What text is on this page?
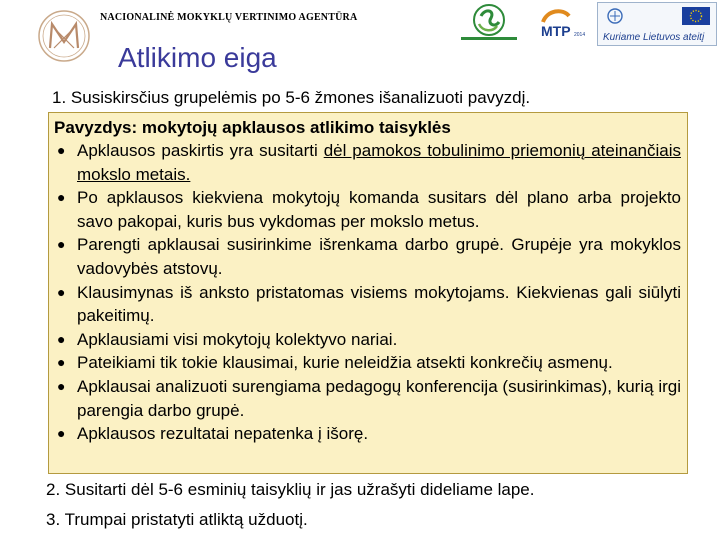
NACIONALINĖ MOKYKLŲ VERTINIMO AGENTŪRA
MTP 2014 Kuriame Lietuvos ateitį
Atlikimo eiga
1. Susiskirsčius grupelėmis po 5-6 žmones išanalizuoti pavyzdį.
Pavyzdys: mokytojų apklausos atlikimo taisyklės
● Apklausos paskirtis yra susitarti dėl pamokos tobulinimo priemonių ateinančiais mokslo metais.
● Po apklausos kiekviena mokytojų komanda susitars dėl plano arba projekto savo pakopai, kuris bus vykdomas per mokslo metus.
● Parengti apklausai susirinkime išrenkama darbo grupė. Grupėje yra mokyklos vadovybės atstovų.
● Klausimynas iš anksto pristatomas visiems mokytojams. Kiekvienas gali siūlyti pakeitimų.
● Apklausiami visi mokytojų kolektyvo nariai.
● Pateikiami tik tokie klausimai, kurie neleidžia atsekti konkrečių asmenų.
● Apklausai analizuoti surengiama pedagogų konferencija (susirinkimas), kurią irgi parengia darbo grupė.
● Apklausos rezultatai nepatenka į išorę.
2. Susitarti dėl 5-6 esminių taisyklių ir jas užrašyti dideliame lape.
3. Trumpai pristatyti atliktą užduotį.
